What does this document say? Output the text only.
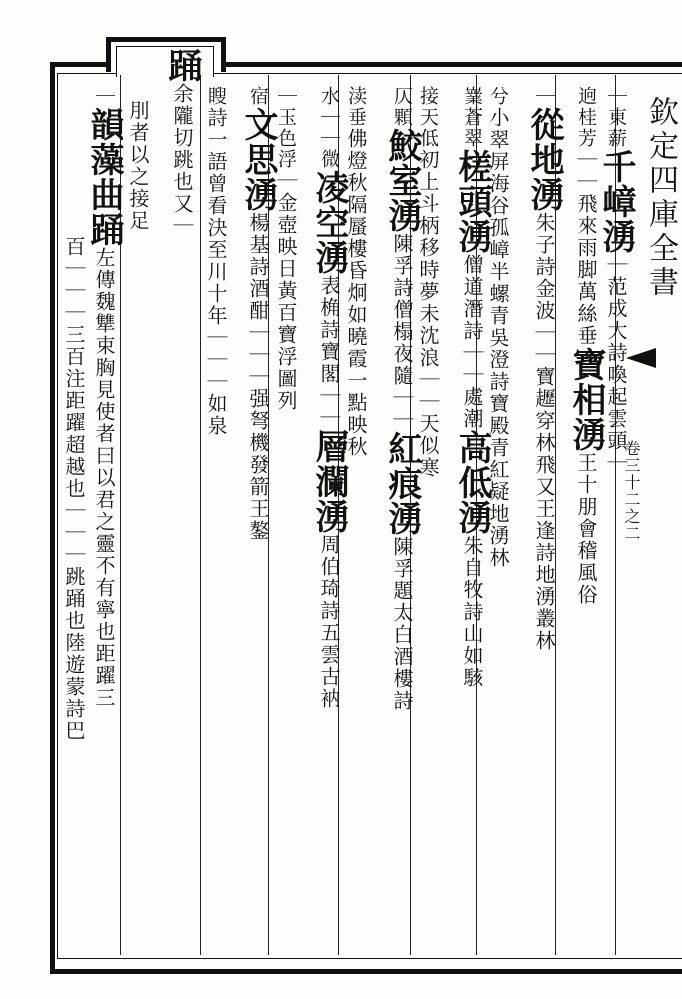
欽定四庫全書
卷三十二之二
｜東薪千嶂湧｜范成大詩喚起雲頭｜
逈桂芳｜｜飛來雨脚萬絲垂寶相湧王十朋會稽風俗
｜從地湧朱子詩金波｜｜寶䟐穿林飛又王逢詩地湧叢林
兮小翠屏海谷孤嶂半螺青吳澄詩寶殿青紅疑地湧林
嶪蒼翠槎頭湧僧道潛詩｜｜處潮高低湧朱自牧詩山如駭
接天低初上斗柄移時夢未沈浪｜｜天似寒
仄顆鮫室湧陳孚詩僧榻夜隨｜｜紅痕湧陳孚題太白酒樓詩
渎垂佛燈秋隔蜃樓昏炯如曉霞一點映秋
水｜｜微凌空湧表桷詩寶閣｜｜層瀾湧周伯琦詩五雲古衲
｜玉色浮｜金壺映日黃百寶浮圖列
宿文思湧楊基詩酒酣｜｜｜强弩機發箭王鏊
瞍詩一語曾看決至川十年｜｜｜如泉
踊余隴切跳也又｜
刖者以之接足
｜韻藻曲踊左傳魏犨束胸見使者曰以君之靈不有寧也距躍三
百｜｜｜三百注距躍超越也｜｜｜跳踊也陸遊蒙詩巴
